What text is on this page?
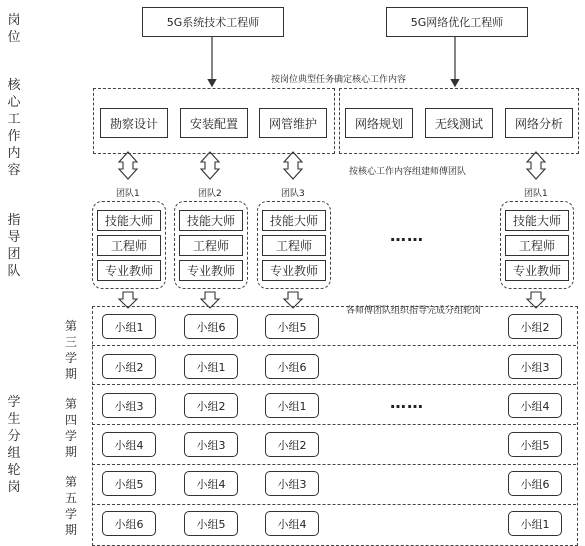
岗位
核心工作内容
指导团队
学生分组轮岗
5G系统技术工程师	5G网络优化工程师
按岗位典型任务确定核心工作内容
勘察设计	安装配置	网管维护	网络规划	无线测试	网络分析
按核心工作内容组建师傅团队
团队1	团队2	团队3	团队1
技能大师
工程师
专业教师
技能大师
工程师
专业教师
技能大师
工程师
专业教师
……
技能大师
工程师
专业教师
各师傅团队组织指导完成分组轮岗
第三学期
第四学期
第五学期
小组1	小组6	小组5	小组2
小组2	小组1	小组6	小组3
小组3	小组2	小组1	……	小组4
小组4	小组3	小组2	小组5
小组5	小组4	小组3	小组6
小组6	小组5	小组4	小组1
